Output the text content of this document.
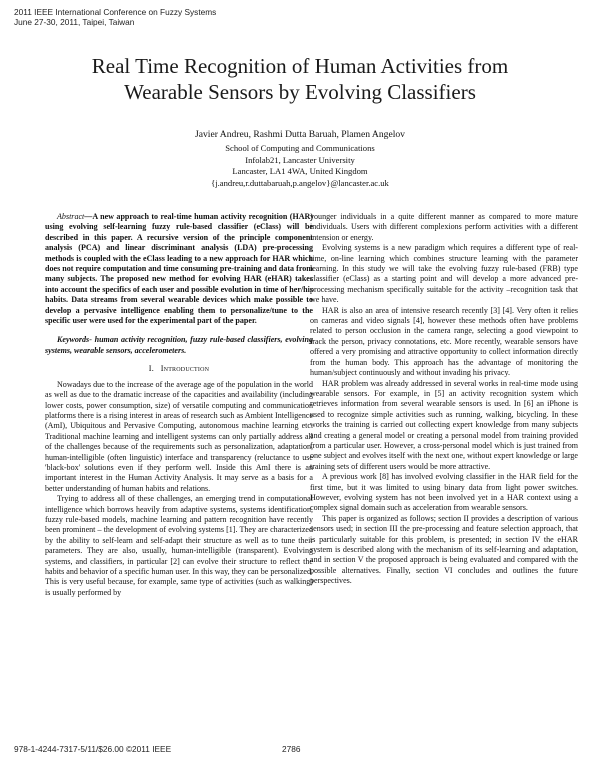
2011 IEEE International Conference on Fuzzy Systems
June 27-30, 2011, Taipei, Taiwan
Real Time Recognition of Human Activities from
Wearable Sensors by Evolving Classifiers
Javier Andreu, Rashmi Dutta Baruah, Plamen Angelov
School of Computing and Communications
Infolab21, Lancaster University
Lancaster, LA1 4WA, United Kingdom
{j.andreu,r.duttabaruah,p.angelov}@lancaster.ac.uk

Abstract—A new approach to real-time human activity recognition (HAR) using evolving self-learning fuzzy rule-based classifier (eClass) will be described in this paper. A recursive version of the principle component analysis (PCA) and linear discriminant analysis (LDA) pre-processing methods is coupled with the eClass leading to a new approach for HAR which does not require computation and time consuming pre-training and data from many subjects. The proposed new method for evolving HAR (eHAR) takes into account the specifics of each user and possible evolution in time of her/his habits. Data streams from several wearable devices which make possible to develop a pervasive intelligence enabling them to personalize/tune to the specific user were used for the experimental part of the paper.

Keywords- human activity recognition, fuzzy rule-based classifiers, evolving systems, wearable sensors, accelerometers.

I. Introduction

Nowadays due to the increase of the average age of the population in the world as well as due to the dramatic increase of the capacities and availability (including lower costs, power consumption, size) of versatile computing and communication platforms there is a rising interest in areas of research such as Ambient Intelligence (AmI), Ubiquitous and Pervasive Computing, autonomous machine learning etc. Traditional machine learning and intelligent systems can only partially address all of the challenges because of the requirements such as personalization, adaptation, human-intelligible (often linguistic) interface and transparency (reluctance to use 'black-box' solutions even if they perform well. Inside this AmI there is an important interest in the Human Activity Analysis. It may serve as a basis for a better understanding of human habits and relations.

Trying to address all of these challenges, an emerging trend in computational intelligence which borrows heavily from adaptive systems, systems identification, fuzzy rule-based models, machine learning and pattern recognition have recently been prominent – the development of evolving systems [1]. They are characterized by the ability to self-learn and self-adapt their structure as well as to tune their parameters. They are also, usually, human-intelligible (transparent). Evolving systems, and classifiers, in particular [2] can evolve their structure to reflect the habits and behavior of a specific human user. In this way, they can be personalized. This is very useful because, for example, same type of activities (such as walking) is usually performed by

younger individuals in a quite different manner as compared to more mature individuals. Users with different complexions perform activities with a different intension or energy.

Evolving systems is a new paradigm which requires a different type of real-time, on-line learning which combines structure learning with the parameter learning. In this study we will take the evolving fuzzy rule-based (FRB) type classifier (eClass) as a starting point and will develop a more advanced pre-processing mechanism specifically suitable for the activity –recognition task that we have.

HAR is also an area of intensive research recently [3] [4]. Very often it relies on cameras and video signals [4], however these methods often have problems related to person occlusion in the camera range, selecting a good viewpoint to track the person, privacy connotations, etc. More recently, wearable sensors have offered a very promising and attractive opportunity to collect information directly from the human body. This approach has the advantage of monitoring the human/subject continuously and without invading his privacy.

HAR problem was already addressed in several works in real-time mode using wearable sensors. For example, in [5] an activity recognition system which retrieves information from several wearable sensors is used. In [6] an iPhone is used to recognize simple activities such as running, walking, bicycling. In these works the training is carried out collecting expert knowledge from many subjects and creating a general model or creating a personal model from training provided from a particular user. However, a cross-personal model which is just trained from one subject and evolves itself with the next one, without expert knowledge or large training sets of different users would be more attractive.

A previous work [8] has involved evolving classifier in the HAR field for the first time, but it was limited to using binary data from light power switches. However, evolving system has not been involved yet in a HAR context using a complex signal domain such as acceleration from wearable sensors.

This paper is organized as follows; section II provides a description of various sensors used; in section III the pre-processing and feature selection approach, that is particularly suitable for this problem, is presented; in section IV the eHAR system is described along with the mechanism of its self-learning and adaptation, and in section V the proposed approach is being evaluated and compared with the possible alternatives. Finally, section VI concludes and outlines the future perspectives.

978-1-4244-7317-5/11/$26.00 ©2011 IEEE	2786
